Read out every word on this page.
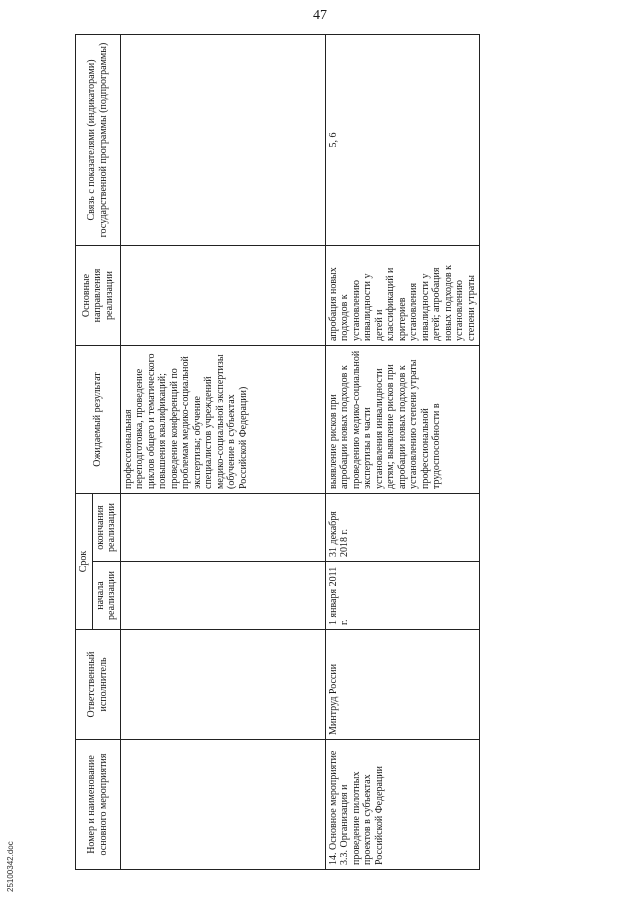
47
Номер и наименование основного мероприятия	Ответственный исполнитель	Срок		Ожидаемый результат	Основные направления реализации	Связь с показателями (индикаторами) государственной программы (подпрограммы)
		начала реализации	окончания реализации			
				профессиональная переподготовка, проведение циклов общего и тематического повышения квалификаций; проведение конференций по проблемам медико-социальной экспертизы; обучение специалистов учреждений медико-социальной экспертизы (обучение в субъектах Российской Федерации)		
14. Основное мероприятие 3.3. Организация и проведение пилотных проектов в субъектах Российской Федерации	Минтруд России	1 января 2011 г.	31 декабря 2018 г.	выявление рисков при апробации новых подходов к проведению медико-социальной экспертизы в части установления инвалидности детям; выявление рисков при апробации новых подходов к установлению степени утраты профессиональной трудоспособности в	апробация новых подходов к установлению инвалидности у детей и классификаций и критериев установления инвалидности у детей; апробация новых подходов к установлению степени утраты	5, 6
25100342.doc
